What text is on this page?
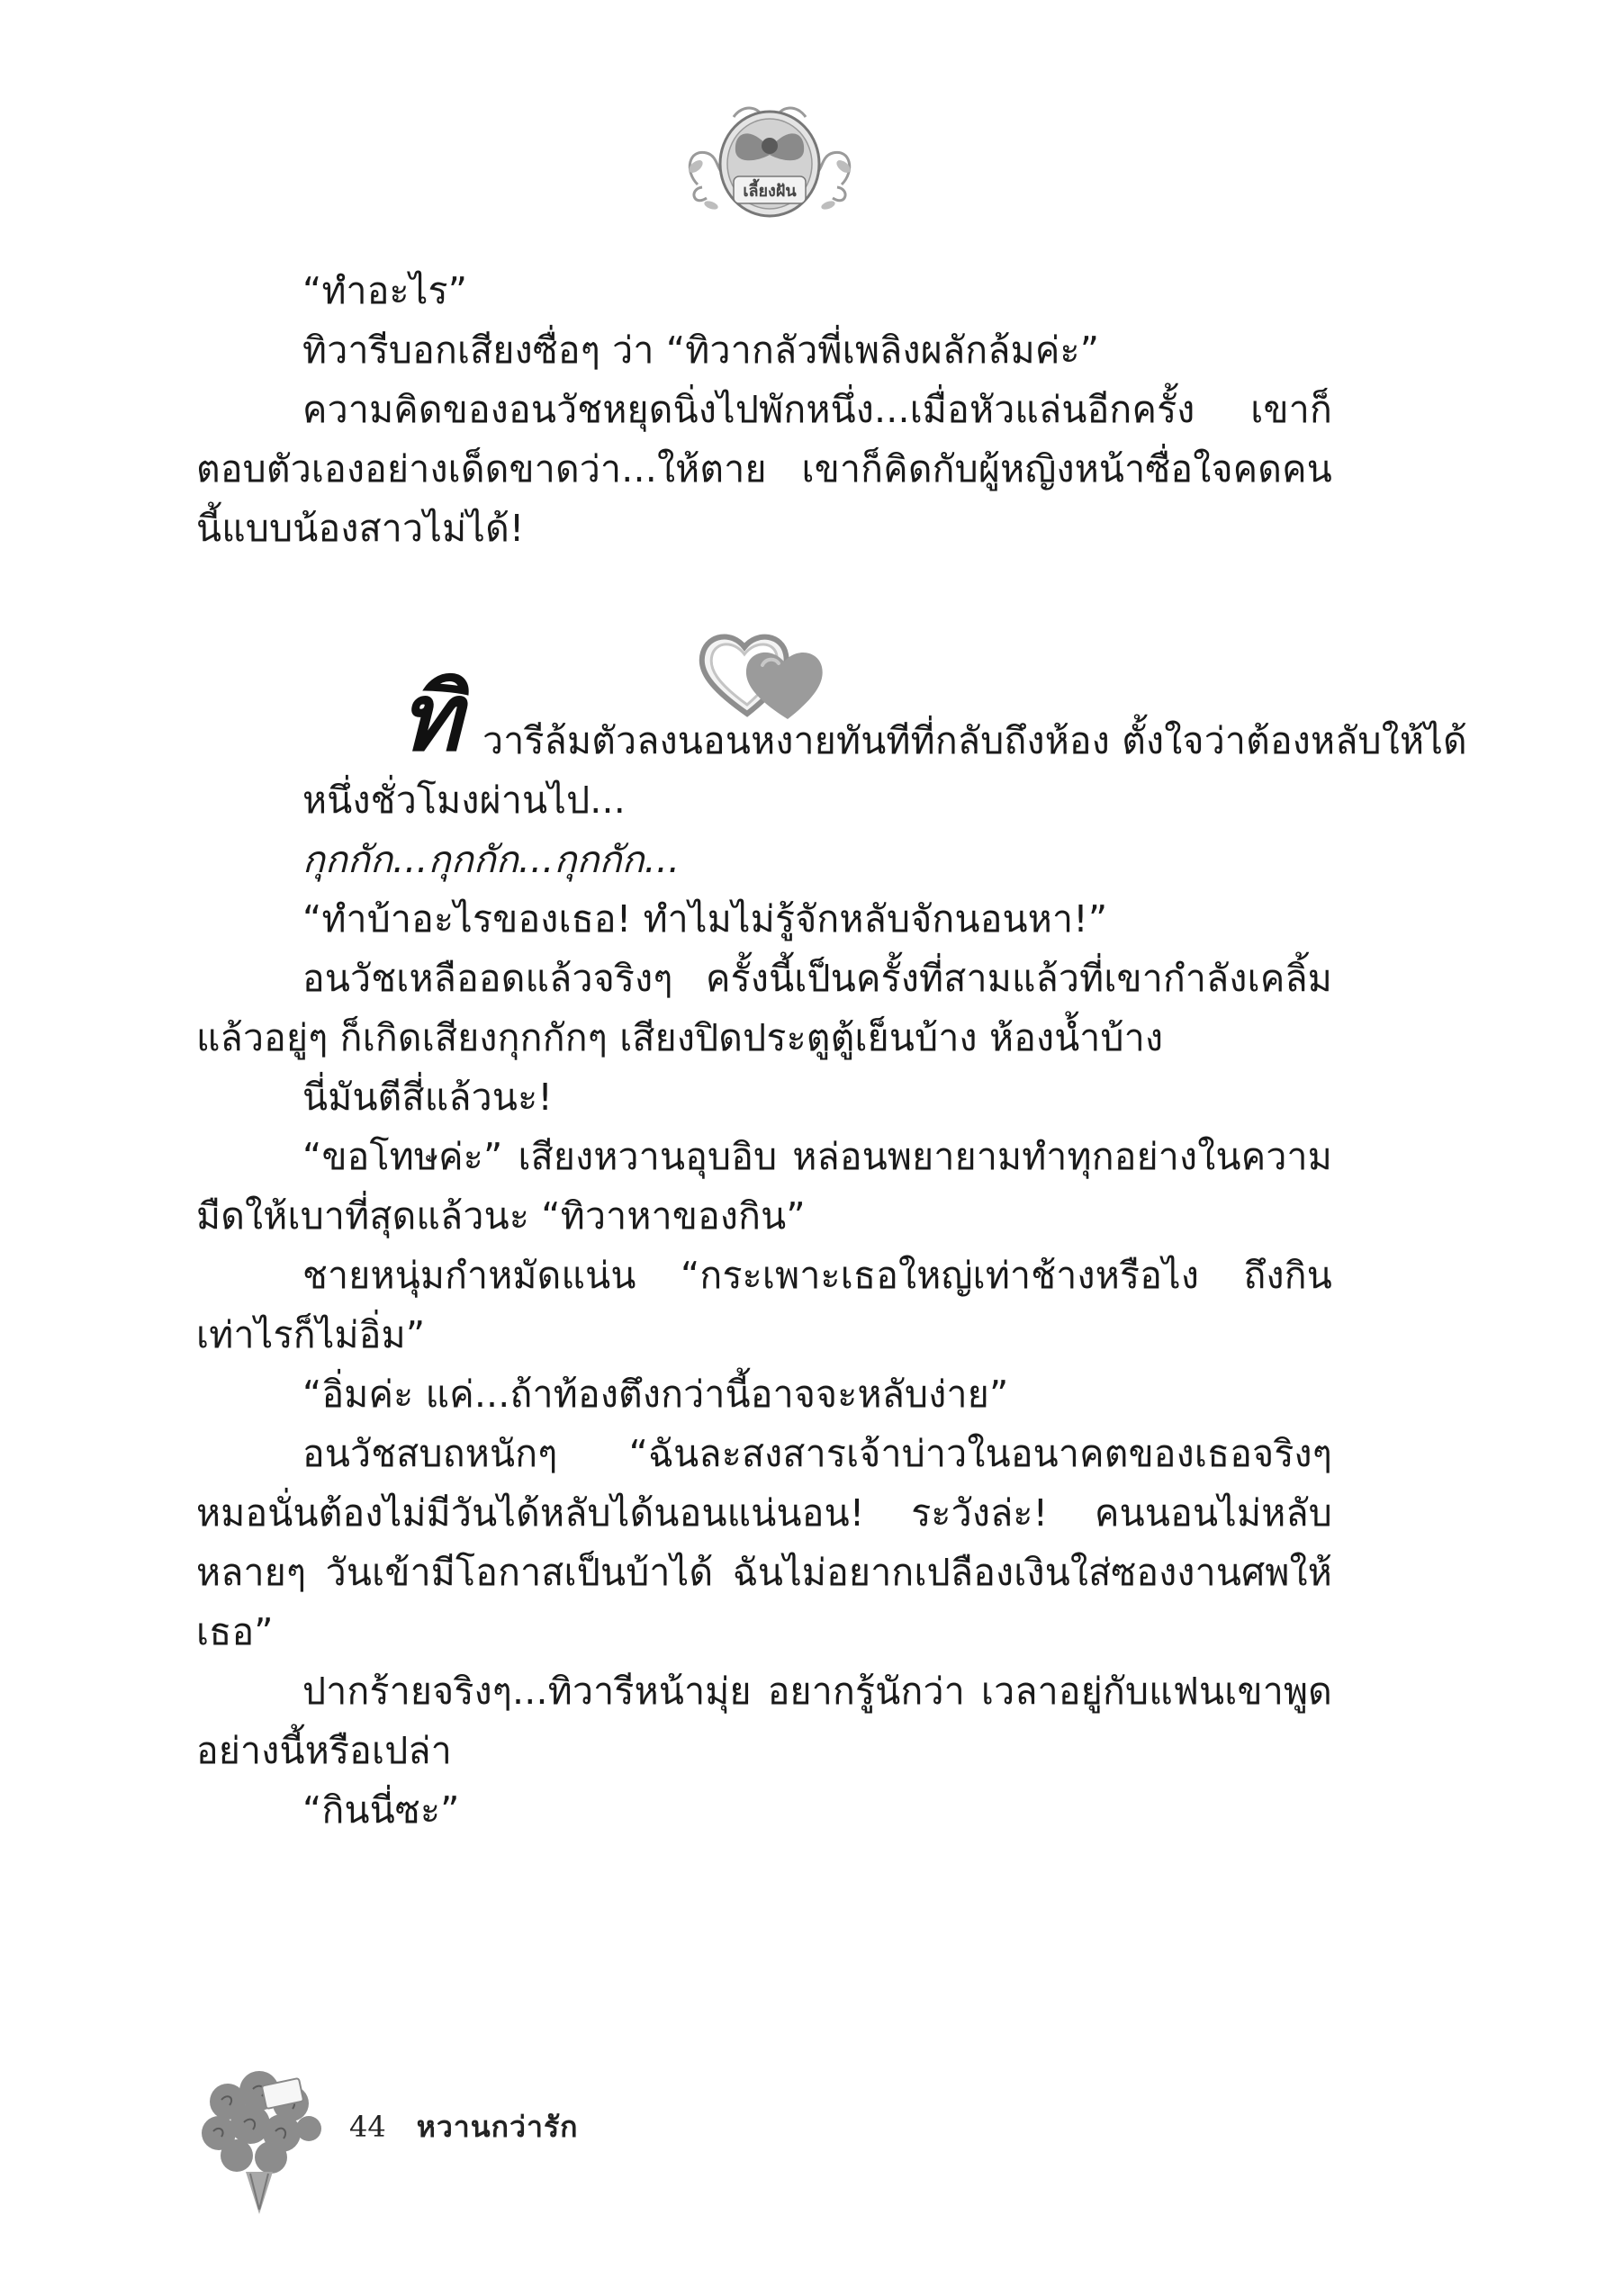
เลี้ยงฝัน

“ทำอะไร”

ทิวารีบอกเสียงซื่อๆ ว่า “ทิวากลัวพี่เพลิงผลักล้มค่ะ”

ความคิดของอนวัชหยุดนิ่งไปพักหนึ่ง...เมื่อหัวแล่นอีกครั้ง เขาก็ตอบตัวเองอย่างเด็ดขาดว่า...ให้ตาย เขาก็คิดกับผู้หญิงหน้าซื่อใจคดคนนี้แบบน้องสาวไม่ได้!

ทิ วารีล้มตัวลงนอนหงายทันทีที่กลับถึงห้อง ตั้งใจว่าต้องหลับให้ได้

หนึ่งชั่วโมงผ่านไป...

กุกกัก...กุกกัก...กุกกัก...

“ทำบ้าอะไรของเธอ! ทำไมไม่รู้จักหลับจักนอนหา!”

อนวัชเหลืออดแล้วจริงๆ ครั้งนี้เป็นครั้งที่สามแล้วที่เขากำลังเคลิ้มแล้วอยู่ๆ ก็เกิดเสียงกุกกักๆ เสียงปิดประตูตู้เย็นบ้าง ห้องน้ำบ้าง

นี่มันตีสี่แล้วนะ!

“ขอโทษค่ะ” เสียงหวานอุบอิบ หล่อนพยายามทำทุกอย่างในความมืดให้เบาที่สุดแล้วนะ “ทิวาหาของกิน”

ชายหนุ่มกำหมัดแน่น “กระเพาะเธอใหญ่เท่าช้างหรือไง ถึงกินเท่าไรก็ไม่อิ่ม”

“อิ่มค่ะ แค่...ถ้าท้องตึงกว่านี้อาจจะหลับง่าย”

อนวัชสบถหนักๆ “ฉันละสงสารเจ้าบ่าวในอนาคตของเธอจริงๆ หมอนั่นต้องไม่มีวันได้หลับได้นอนแน่นอน! ระวังล่ะ! คนนอนไม่หลับหลายๆ วันเข้ามีโอกาสเป็นบ้าได้ ฉันไม่อยากเปลืองเงินใส่ซองงานศพให้เธอ”

ปากร้ายจริงๆ...ทิวารีหน้ามุ่ย อยากรู้นักว่า เวลาอยู่กับแฟนเขาพูดอย่างนี้หรือเปล่า

“กินนี่ซะ”

44 หวานกว่ารัก
